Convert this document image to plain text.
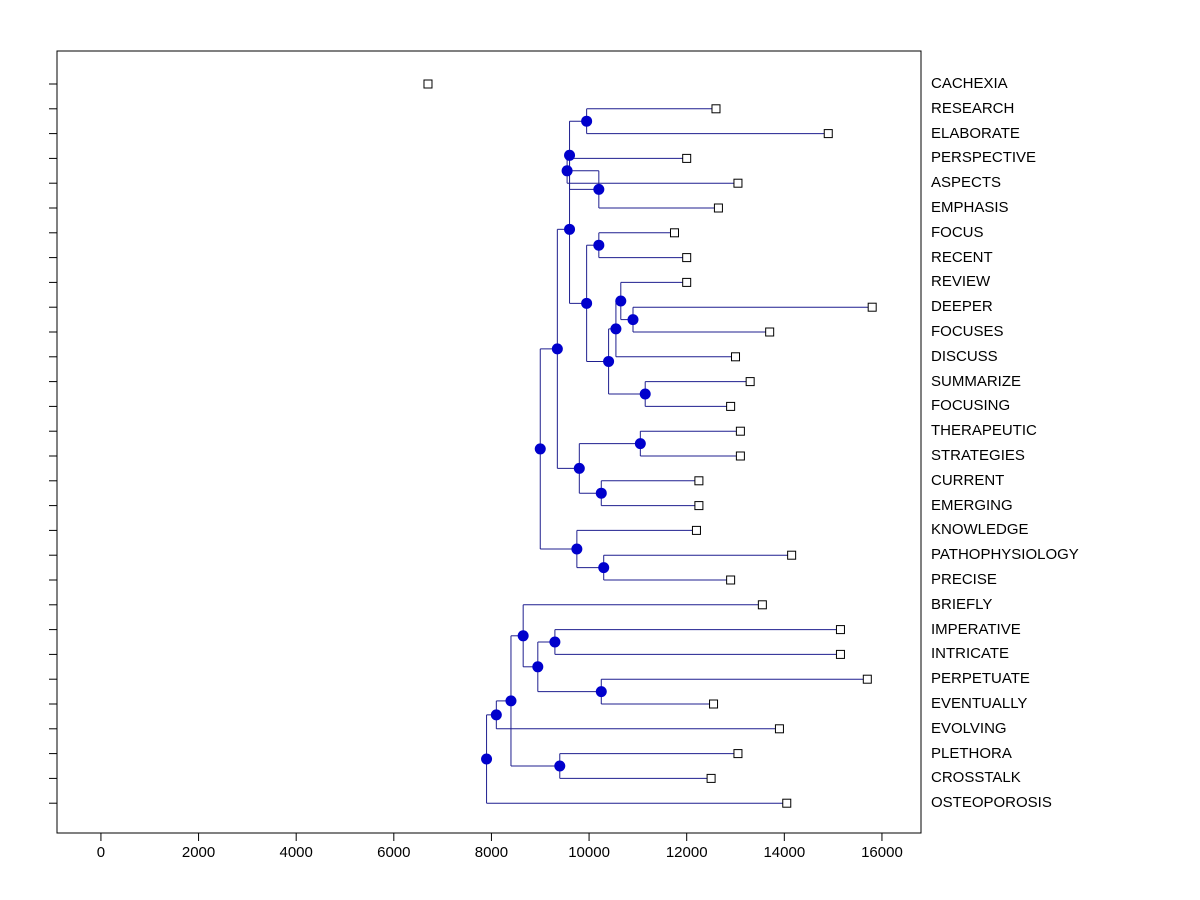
CACHEXIA
RESEARCH
ELABORATE
PERSPECTIVE
ASPECTS
EMPHASIS
FOCUS
RECENT
REVIEW
DEEPER
FOCUSES
DISCUSS
SUMMARIZE
FOCUSING
THERAPEUTIC
STRATEGIES
CURRENT
EMERGING
KNOWLEDGE
PATHOPHYSIOLOGY
PRECISE
BRIEFLY
IMPERATIVE
INTRICATE
PERPETUATE
EVENTUALLY
EVOLVING
PLETHORA
CROSSTALK
OSTEOPOROSIS
0	2000	4000	6000	8000	10000	12000	14000	16000
